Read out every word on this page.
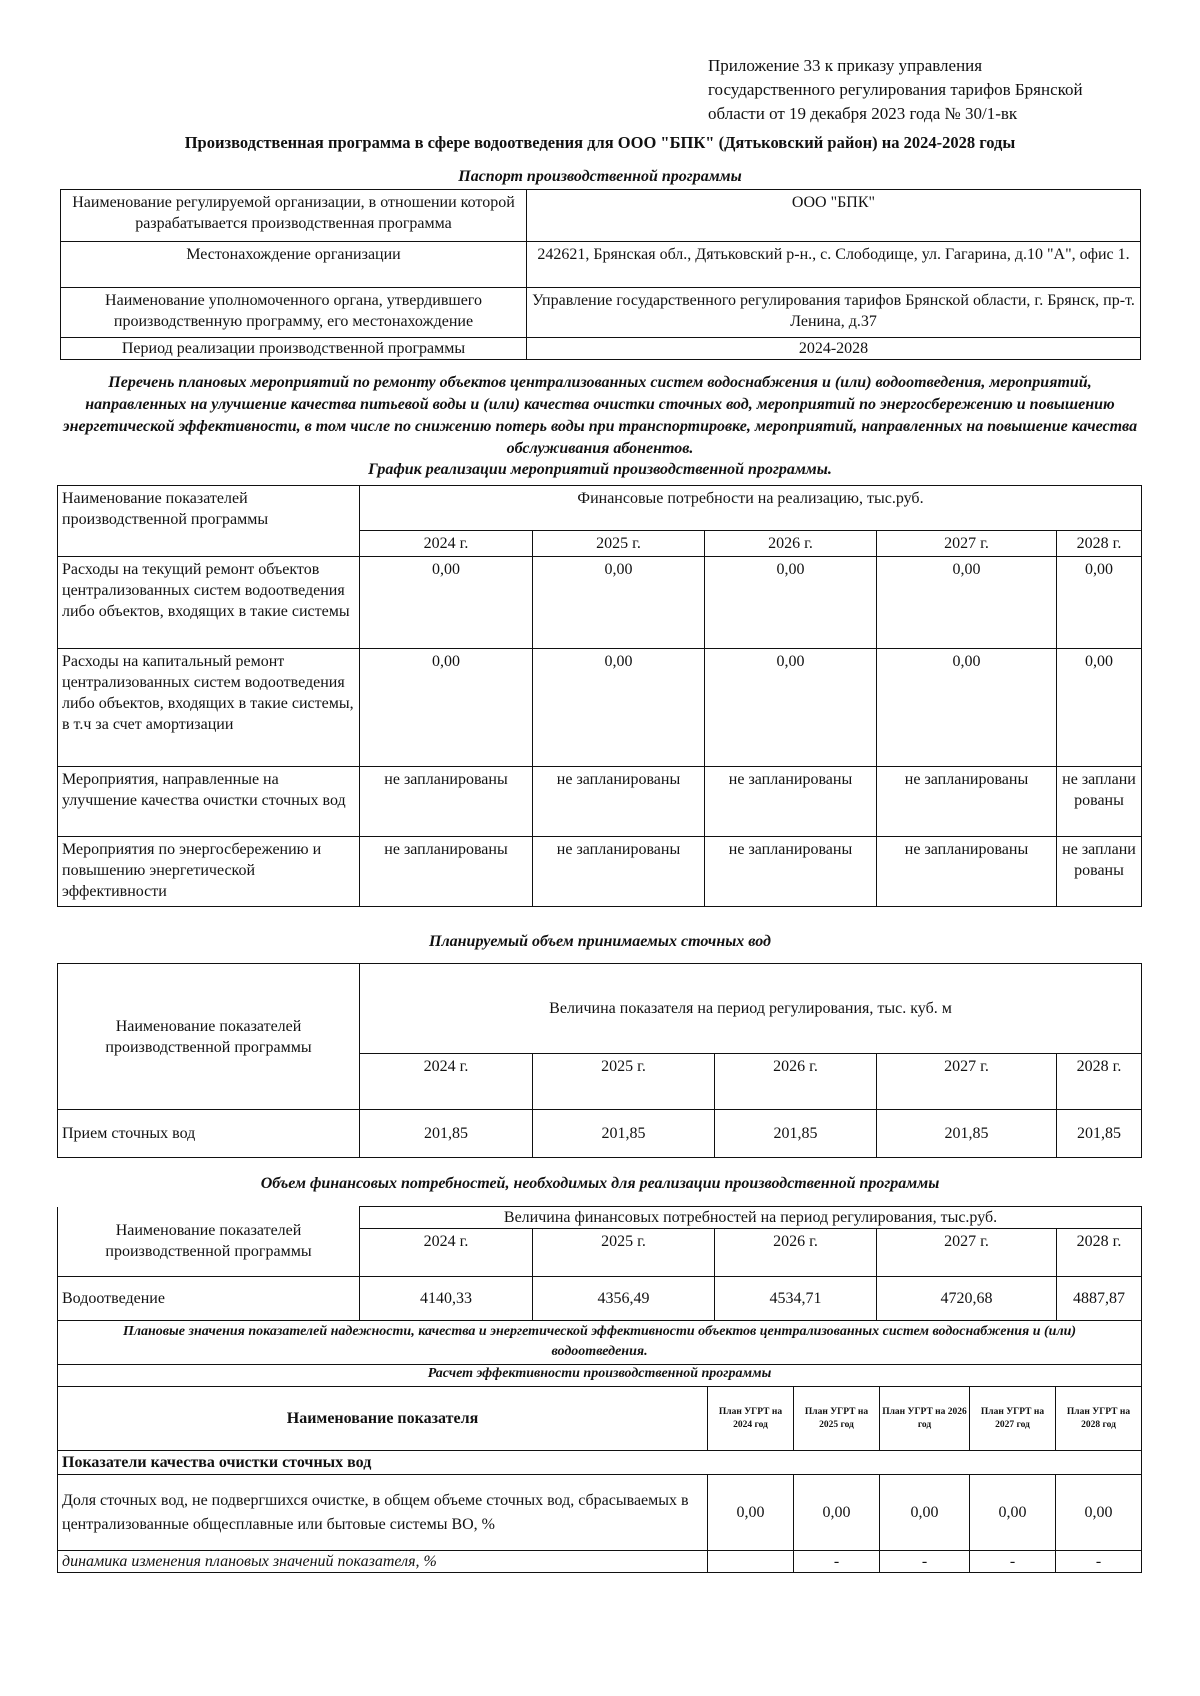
Приложение 33 к приказу управления
государственного регулирования тарифов Брянской
области от 19 декабря 2023 года № 30/1-вк
Производственная программа в сфере водоотведения для ООО "БПК" (Дятьковский район) на 2024-2028 годы
Паспорт производственной программы
Наименование регулируемой организации, в отношении которой разрабатывается производственная программа	ООО "БПК"
Местонахождение организации	242621, Брянская обл., Дятьковский р-н., с. Слободище, ул. Гагарина, д.10 "А", офис 1.
Наименование уполномоченного органа, утвердившего производственную программу, его местонахождение	Управление государственного регулирования тарифов Брянской области, г. Брянск, пр-т. Ленина, д.37
Период реализации производственной программы	2024-2028
Перечень плановых мероприятий по ремонту объектов централизованных систем водоснабжения и (или) водоотведения, мероприятий, направленных на улучшение качества питьевой воды и (или) качества очистки сточных вод, мероприятий по энергосбережению и повышению энергетической эффективности, в том числе по снижению потерь воды при транспортировке, мероприятий, направленных на повышение качества обслуживания абонентов.
График реализации мероприятий производственной программы.
Наименование показателей производственной программы	Финансовые потребности на реализацию, тыс.руб.				
	2024 г.	2025 г.	2026 г.	2027 г.	2028 г.
Расходы на текущий ремонт объектов централизованных систем водоотведения либо объектов, входящих в такие системы	0,00	0,00	0,00	0,00	0,00
Расходы на капитальный ремонт централизованных систем водоотведения либо объектов, входящих в такие системы, в т.ч за счет амортизации	0,00	0,00	0,00	0,00	0,00
Мероприятия, направленные на улучшение качества очистки сточных вод	не запланированы	не запланированы	не запланированы	не запланированы	не запланированы
Мероприятия по энергосбережению и повышению энергетической эффективности	не запланированы	не запланированы	не запланированы	не запланированы	не запланированы
Планируемый объем принимаемых сточных вод
Наименование показателей производственной программы	Величина показателя на период регулирования, тыс. куб. м				
	2024 г.	2025 г.	2026 г.	2027 г.	2028 г.
Прием сточных вод	201,85	201,85	201,85	201,85	201,85
Объем финансовых потребностей, необходимых для реализации производственной программы
Наименование показателей производственной программы	Величина финансовых потребностей на период регулирования, тыс.руб.				
	2024 г.	2025 г.	2026 г.	2027 г.	2028 г.
Водоотведение	4140,33	4356,49	4534,71	4720,68	4887,87
Плановые значения показателей надежности, качества и энергетической эффективности объектов централизованных систем водоснабжения и (или) водоотведения.					
Расчет эффективности производственной программы					
Наименование показателя	План УГРТ на 2024 год	План УГРТ на 2025 год	План УГРТ на 2026 год	План УГРТ на 2027 год	План УГРТ на 2028 год
Показатели качества очистки сточных вод					
Доля сточных вод, не подвергшихся очистке, в общем объеме сточных вод, сбрасываемых в централизованные общесплавные или бытовые системы ВО, %	0,00	0,00	0,00	0,00	0,00
динамика изменения плановых значений показателя, %		-	-	-	-
